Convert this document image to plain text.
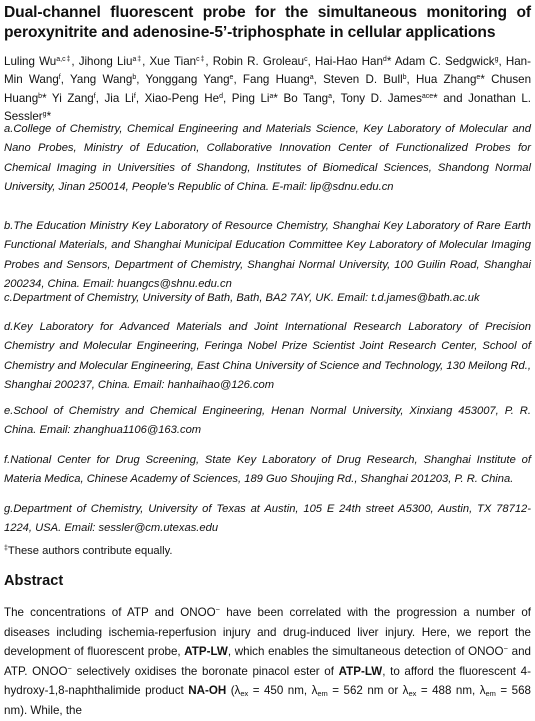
Dual-channel fluorescent probe for the simultaneous monitoring of peroxynitrite and adenosine-5’-triphosphate in cellular applications

Luling $Wu^{a,c\ddagger}$, Jihong Liu$^{a\ddagger}$, Xue Tian$^{c\ddagger}$, Robin R. Groleau$^c$, Hai-Hao Han$^d$* Adam C. Sedgwick$^g$, Han-Min Wang$^f$, Yang Wang$^b$, Yonggang Yang$^e$, Fang Huang$^a$, Steven D. Bull$^b$, Hua Zhang$^e$* Chusen Huang$^b$* Yi Zang$^f$, Jia Li$^f$, Xiao-Peng He$^d$, Ping Li$^a$* Bo Tang$^a$, Tony D. James$^{ace}$* and Jonathan L. Sessler$^g$*

a.College of Chemistry, Chemical Engineering and Materials Science, Key Laboratory of Molecular and Nano Probes, Ministry of Education, Collaborative Innovation Center of Functionalized Probes for Chemical Imaging in Universities of Shandong, Institutes of Biomedical Sciences, Shandong Normal University, Jinan 250014, People's Republic of China. E-mail: lip@sdnu.edu.cn

b.The Education Ministry Key Laboratory of Resource Chemistry, Shanghai Key Laboratory of Rare Earth Functional Materials, and Shanghai Municipal Education Committee Key Laboratory of Molecular Imaging Probes and Sensors, Department of Chemistry, Shanghai Normal University, 100 Guilin Road, Shanghai 200234, China. Email: huangcs@shnu.edu.cn

c.Department of Chemistry, University of Bath, Bath, BA2 7AY, UK. Email: t.d.james@bath.ac.uk

d.Key Laboratory for Advanced Materials and Joint International Research Laboratory of Precision Chemistry and Molecular Engineering, Feringa Nobel Prize Scientist Joint Research Center, School of Chemistry and Molecular Engineering, East China University of Science and Technology, 130 Meilong Rd., Shanghai 200237, China. Email: hanhaihao@126.com

e.School of Chemistry and Chemical Engineering, Henan Normal University, Xinxiang 453007, P. R. China. Email: zhanghua1106@163.com

f.National Center for Drug Screening, State Key Laboratory of Drug Research, Shanghai Institute of Materia Medica, Chinese Academy of Sciences, 189 Guo Shoujing Rd., Shanghai 201203, P. R. China.

g.Department of Chemistry, University of Texas at Austin, 105 E 24th street A5300, Austin, TX 78712-1224, USA. Email: sessler@cm.utexas.edu

‡These authors contribute equally.

Abstract

The concentrations of ATP and ONOO− have been correlated with the progression a number of diseases including ischemia-reperfusion injury and drug-induced liver injury. Here, we report the development of fluorescent probe, ATP-LW, which enables the simultaneous detection of ONOO− and ATP. ONOO− selectively oxidises the boronate pinacol ester of ATP-LW, to afford the fluorescent 4-hydroxy-1,8-naphthalimide product NA-OH ($\lambda_{ex} = 450$ nm, $\lambda_{em} = 562$ nm or $\lambda_{ex} = 488$ nm, $\lambda_{em} = 568$ nm). While, the
